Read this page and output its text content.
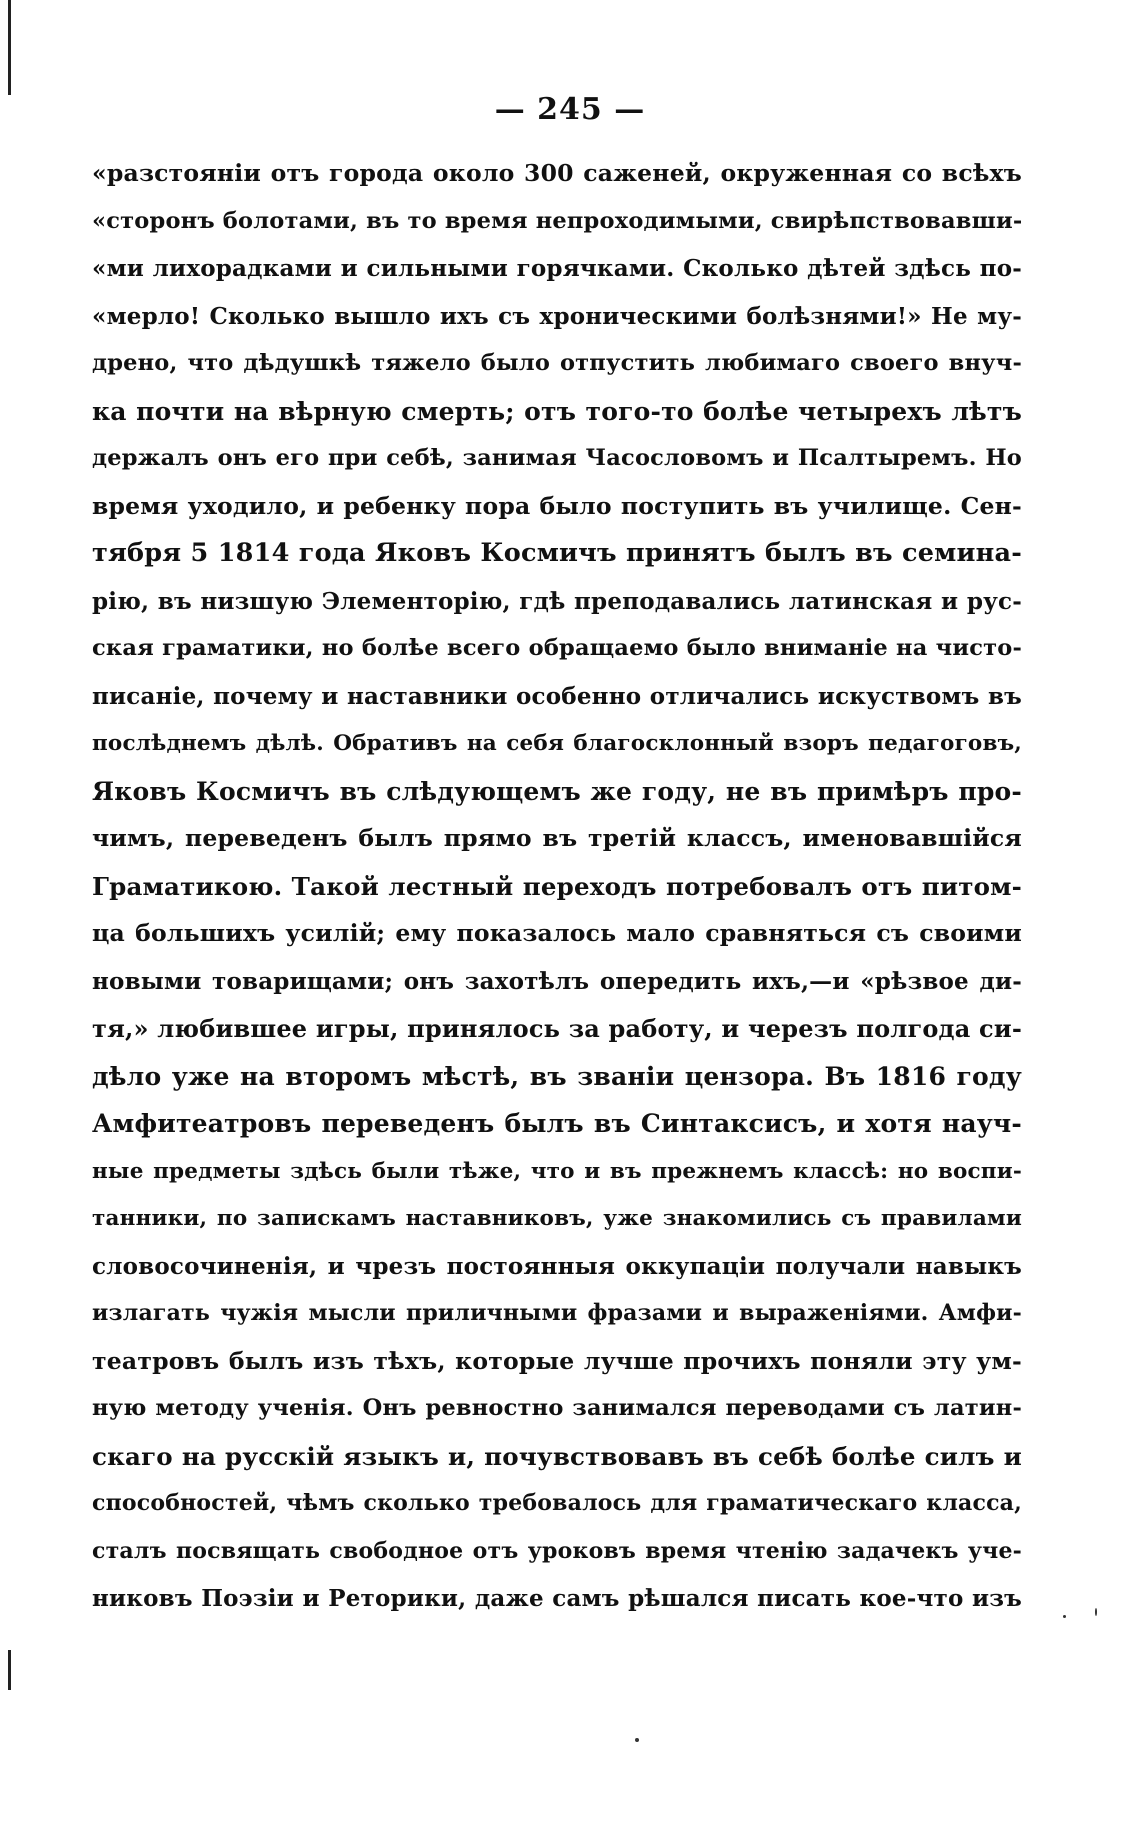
— 245 —
«разстояніи отъ города около 300 саженей, окруженная со всѣхъ
«сторонъ болотами, въ то время непроходимыми, свирѣпствовавши-
«ми лихорадками и сильными горячками. Сколько дѣтей здѣсь по-
«мерло! Сколько вышло ихъ съ хроническими болѣзнями!» Не му-
дрено, что дѣдушкѣ тяжело было отпустить любимаго своего внуч-
ка почти на вѣрную смерть; отъ того-то болѣе четырехъ лѣтъ
держалъ онъ его при себѣ, занимая Часословомъ и Псалтыремъ. Но
время уходило, и ребенку пора было поступить въ училище. Сен-
тября 5 1814 года Яковъ Космичъ принятъ былъ въ семина-
рію, въ низшую Элементорію, гдѣ преподавались латинская и рус-
ская граматики, но болѣе всего обращаемо было вниманіе на чисто-
писаніе, почему и наставники особенно отличались искуствомъ въ
послѣднемъ дѣлѣ. Обративъ на себя благосклонный взоръ педагоговъ,
Яковъ Космичъ въ слѣдующемъ же году, не въ примѣръ про-
чимъ, переведенъ былъ прямо въ третій классъ, именовавшійся
Граматикою. Такой лестный переходъ потребовалъ отъ питом-
ца большихъ усилій; ему показалось мало сравняться съ своими
новыми товарищами; онъ захотѣлъ опередить ихъ,—и «рѣзвое ди-
тя,» любившее игры, принялось за работу, и черезъ полгода си-
дѣло уже на второмъ мѣстѣ, въ званіи цензора. Въ 1816 году
Амфитеатровъ переведенъ былъ въ Синтаксисъ, и хотя науч-
ные предметы здѣсь были тѣже, что и въ прежнемъ классѣ: но воспи-
танники, по запискамъ наставниковъ, уже знакомились съ правилами
словосочиненія, и чрезъ постоянныя оккупаціи получали навыкъ
излагать чужія мысли приличными фразами и выраженіями. Амфи-
театровъ былъ изъ тѣхъ, которые лучше прочихъ поняли эту ум-
ную методу ученія. Онъ ревностно занимался переводами съ латин-
скаго на русскій языкъ и, почувствовавъ въ себѣ болѣе силъ и
способностей, чѣмъ сколько требовалось для граматическаго класса,
сталъ посвящать свободное отъ уроковъ время чтенію задачекъ уче-
никовъ Поэзіи и Реторики, даже самъ рѣшался писать кое-что изъ
